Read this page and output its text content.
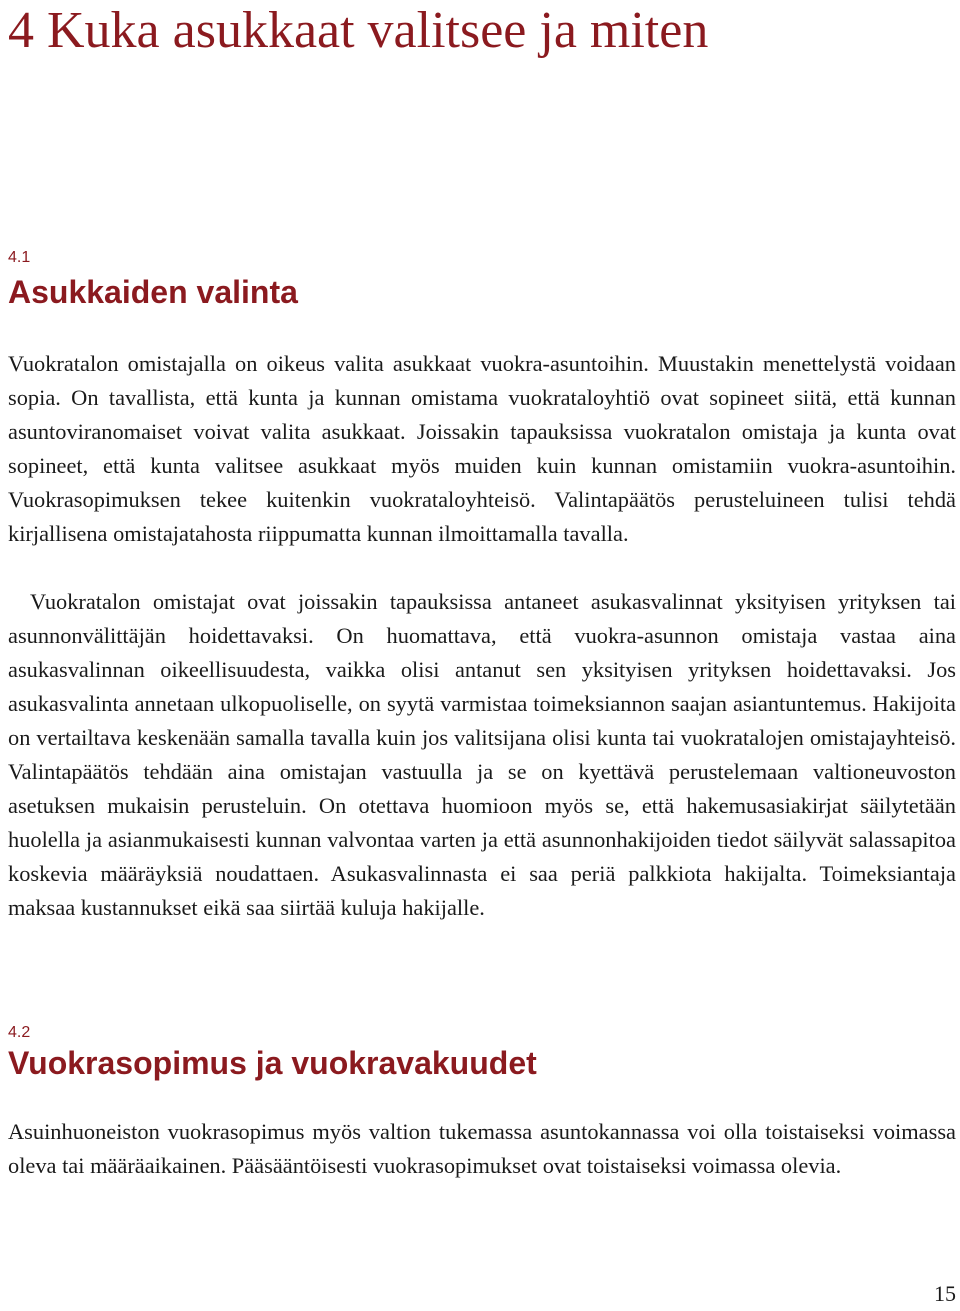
4 Kuka asukkaat valitsee ja miten
4.1
Asukkaiden valinta

Vuokratalon omistajalla on oikeus valita asukkaat vuokra-asuntoihin. Muustakin menettelystä voidaan sopia. On tavallista, että kunta ja kunnan omistama vuokrataloyhtiö ovat sopineet siitä, että kunnan asuntoviranomaiset voivat valita asukkaat. Joissakin tapauksissa vuokratalon omistaja ja kunta ovat sopineet, että kunta valitsee asukkaat myös muiden kuin kunnan omistamiin vuokra-asuntoihin. Vuokrasopimuksen tekee kuitenkin vuokrataloyhteisö. Valintapäätös perusteluineen tulisi tehdä kirjallisena omistajatahosta riippumatta kunnan ilmoittamalla tavalla.

Vuokratalon omistajat ovat joissakin tapauksissa antaneet asukasvalinnat yksityisen yrityksen tai asunnonvälittäjän hoidettavaksi. On huomattava, että vuokra-asunnon omistaja vastaa aina asukasvalinnan oikeellisuudesta, vaikka olisi antanut sen yksityisen yrityksen hoidettavaksi. Jos asukasvalinta annetaan ulkopuoliselle, on syytä varmistaa toimeksiannon saajan asiantuntemus. Hakijoita on vertailtava keskenään samalla tavalla kuin jos valitsijana olisi kunta tai vuokratalojen omistajayhteisö. Valintapäätös tehdään aina omistajan vastuulla ja se on kyettävä perustelemaan valtioneuvoston asetuksen mukaisin perusteluin. On otettava huomioon myös se, että hakemusasiakirjat säilytetään huolella ja asianmukaisesti kunnan valvontaa varten ja että asunnonhakijoiden tiedot säilyvät salassapitoa koskevia määräyksiä noudattaen. Asukasvalinnasta ei saa periä palkkiota hakijalta. Toimeksiantaja maksaa kustannukset eikä saa siirtää kuluja hakijalle.

4.2
Vuokrasopimus ja vuokravakuudet

Asuinhuoneiston vuokrasopimus myös valtion tukemassa asuntokannassa voi olla toistaiseksi voimassa oleva tai määräaikainen. Pääsääntöisesti vuokrasopimukset ovat toistaiseksi voimassa olevia.

15
